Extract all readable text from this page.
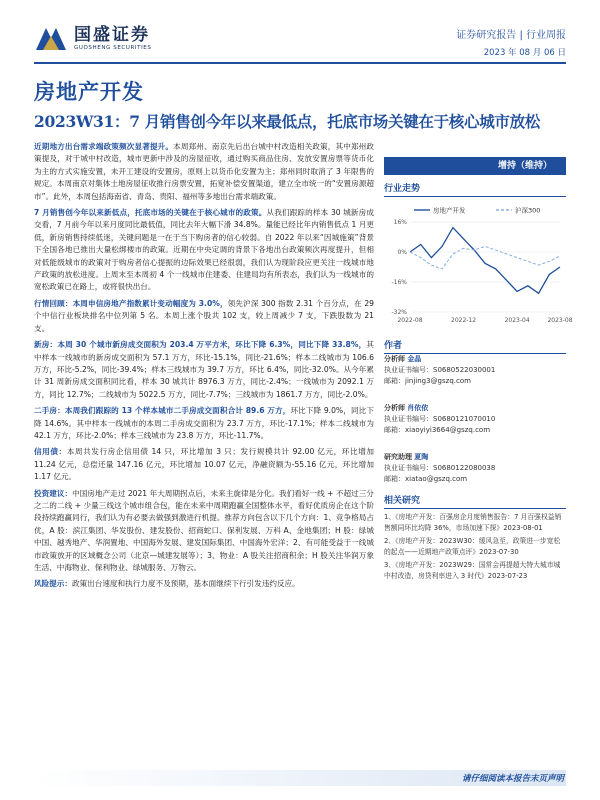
国盛证券
GUOSHENG SECURITIES
证券研究报告 | 行业周报
2023 年 08 月 06 日
房地产开发
2023W31：7 月销售创今年以来最低点，托底市场关键在于核心城市放松

近期地方出台需求端政策频次显著提升。本周郑州、南京先后出台城中村改造相关政策，其中郑州政策提及，对于城中村改造，城市更新中涉及的房屋征收，通过购买商品住房、发放安置房票等货币化为主的方式实施安置，未开工建设的安置房，原则上以货币化安置为主；郑州同时取消了 3 年限售的规定。本周南京对集体土地房屋征收推行房票安置，拓宽补偿安置渠道，建立全市统一的“安置房源超市”。此外，本周包括海南省、青岛、贵阳、福州等多地出台需求端政策。

7 月销售创今年以来新低点，托底市场的关键在于核心城市的政策。从我们跟踪的样本 30 城新房成交看，7 月前今年以来月度同比最低值，同比去年大幅下滑 34.8%。量能已经比年内销售低点 1 月更低，新房销售持续低迷，关键问题是一在于当下购房者的信心较弱。自 2022 年以来“因城施策”背景下全国各地已推出大量松绑楼市的政策。近期在中央定调的背景下各地出台政策频次再度提升，但相对低能级城市的政策对于购房者信心提振的边际效果已经很弱，我们认为现阶段应更关注一线城市地产政策的放松进度。上周末至本周初 4 个一线城市住建委、住建局均有所表态，我们认为一线城市的宽松政策已在路上，或将很快出台。

行情回顾：本周申信房地产指数累计变动幅度为 3.0%，领先沪深 300 指数 2.31 个百分点，在 29 个中信行业板块排名中位列第 5 名。本周上涨个股共 102 支，较上周减少 7 支，下跌股数为 21 支。

新房：本周 30 个城市新房成交面积为 203.4 万平方米，环比下降 6.3%，同比下降 33.8%，其中样本一线城市的新房成交面积为 57.1 万方，环比-15.1%，同比-21.6%；样本二线城市为 106.6 万方，环比-5.2%，同比-39.4%；样本三线城市为 39.7 万方，环比 6.4%，同比-32.0%。从今年累计 31 周新房成交面积同比看，样本 30 城共计 8976.3 万方，同比-2.4%；一线城市为 2092.1 万方，同比 12.7%；二线城市为 5022.5 万方，同比-7.7%；三线城市为 1861.7 万方，同比-2.0%。

二手房：本周我们跟踪的 13 个样本城市二手房成交面积合计 89.6 万方，环比下降 9.0%，同比下降 14.6%。其中样本一线城市的本周二手房成交面积为 23.7 万方，环比-17.1%；样本二线城市为 42.1 万方，环比-2.0%；样本三线城市为 23.8 万方，环比-11.7%。

信用债：本周共发行房企信用债 14 只，环比增加 3 只；发行规模共计 92.00 亿元，环比增加 11.24 亿元，总偿还量 147.16 亿元，环比增加 10.07 亿元，净融资额为-55.16 亿元，环比增加 1.17 亿元。

投资建议：中国房地产走过 2021 年大周期拐点后，未来主旋律是分化。我们看好一线 + 不超过三分之二的二线 + 少量三线这个城市组合包，能在未来中周期跑赢全国整体水平，看好优质房企在这个阶段持续跑赢同行，我们认为有必要去做强到激进行机提。推荐方向包含以下几个方向：1、竞争格局占优，A 股：滨江集团、华发股份、建发股份、招商蛇口、保利发展、万科 A、金地集团；H 股：绿城中国、越秀地产、华润置地、中国海外发展、建发国际集团、中国海外宏洋；2、有可能受益于一线城市政策放开的区域概念公司（北京—城建发展等）；3、物业：A 股关注招商积余；H 股关注华润万象生活、中海物业、保利物业、绿城服务、万物云。

风险提示：政策出台速度和执行力度不及预期，基本面继续下行引发违约反应。

增持（维持）
行业走势
房地产开发	沪深300
16%
0%
-16%
-32%
2022-08	2022-12	2023-04	2023-08
作者
分析师 金晶
执业证书编号：S0680522030001
邮箱：jinjing3@gszq.com
分析师 肖依依
执业证书编号：S0680121070010
邮箱：xiaoyiyi3664@gszq.com
研究助理 夏陶
执业证书编号：S0680122080038
邮箱：xiatao@gszq.com
相关研究
1、《房地产开发：百强房企月度销售报告：7 月百强权益销售额同环比均降 36%，市场加速下探》2023-08-01
2、《房地产开发：2023W30：缓风急至，政策进一步宽松的起点——近期地产政策点评》2023-07-30
3、《房地产开发：2023W29：国常会再提超大特大城市城中村改造，房贷利率进入 3 时代》2023-07-23
请仔细阅读本报告末页声明
